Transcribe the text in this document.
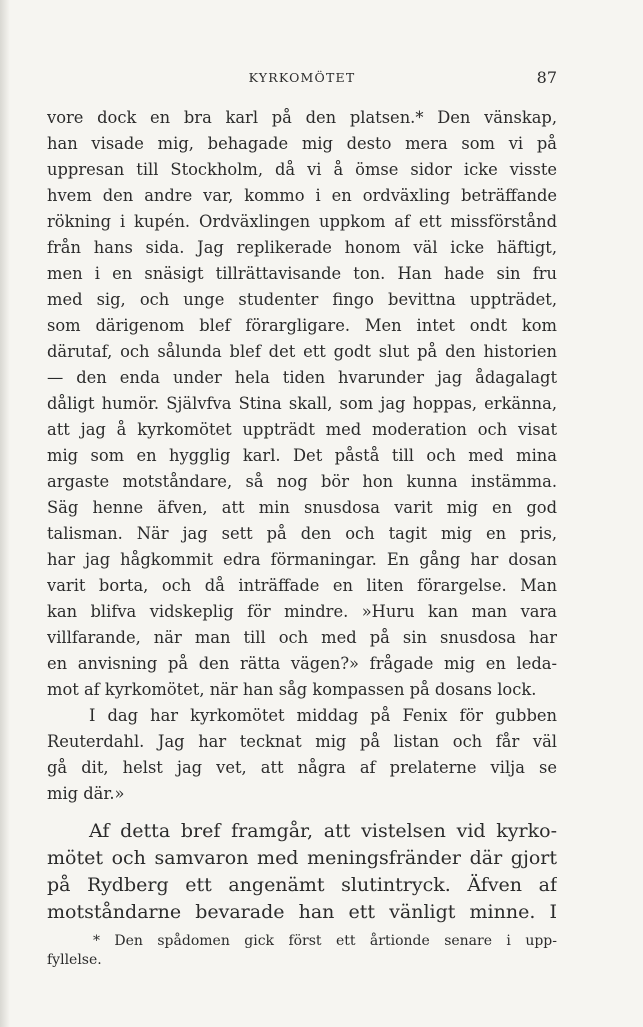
KYRKOMÖTET	87
vore dock en bra karl på den platsen.* Den vänskap,
han visade mig, behagade mig desto mera som vi på
uppresan till Stockholm, då vi å ömse sidor icke visste
hvem den andre var, kommo i en ordväxling beträffande
rökning i kupén. Ordväxlingen uppkom af ett missförstånd
från hans sida. Jag replikerade honom väl icke häftigt,
men i en snäsigt tillrättavisande ton. Han hade sin fru
med sig, och unge studenter fingo bevittna uppträdet,
som därigenom blef förargligare. Men intet ondt kom
därutaf, och sålunda blef det ett godt slut på den historien
— den enda under hela tiden hvarunder jag ådagalagt
dåligt humör. Självfva Stina skall, som jag hoppas, erkänna,
att jag å kyrkomötet uppträdt med moderation och visat
mig som en hygglig karl. Det påstå till och med mina
argaste motståndare, så nog bör hon kunna instämma.
Säg henne äfven, att min snusdosa varit mig en god
talisman. När jag sett på den och tagit mig en pris,
har jag hågkommit edra förmaningar. En gång har dosan
varit borta, och då inträffade en liten förargelse. Man
kan blifva vidskeplig för mindre. »Huru kan man vara
villfarande, när man till och med på sin snusdosa har
en anvisning på den rätta vägen?» frågade mig en leda-
mot af kyrkomötet, när han såg kompassen på dosans lock.
I dag har kyrkomötet middag på Fenix för gubben
Reuterdahl. Jag har tecknat mig på listan och får väl
gå dit, helst jag vet, att några af prelaterne vilja se
mig där.»
Af detta bref framgår, att vistelsen vid kyrko-
mötet och samvaron med meningsfränder där gjort
på Rydberg ett angenämt slutintryck. Äfven af
motståndarne bevarade han ett vänligt minne. I
* Den spådomen gick först ett årtionde senare i upp-
fyllelse.
